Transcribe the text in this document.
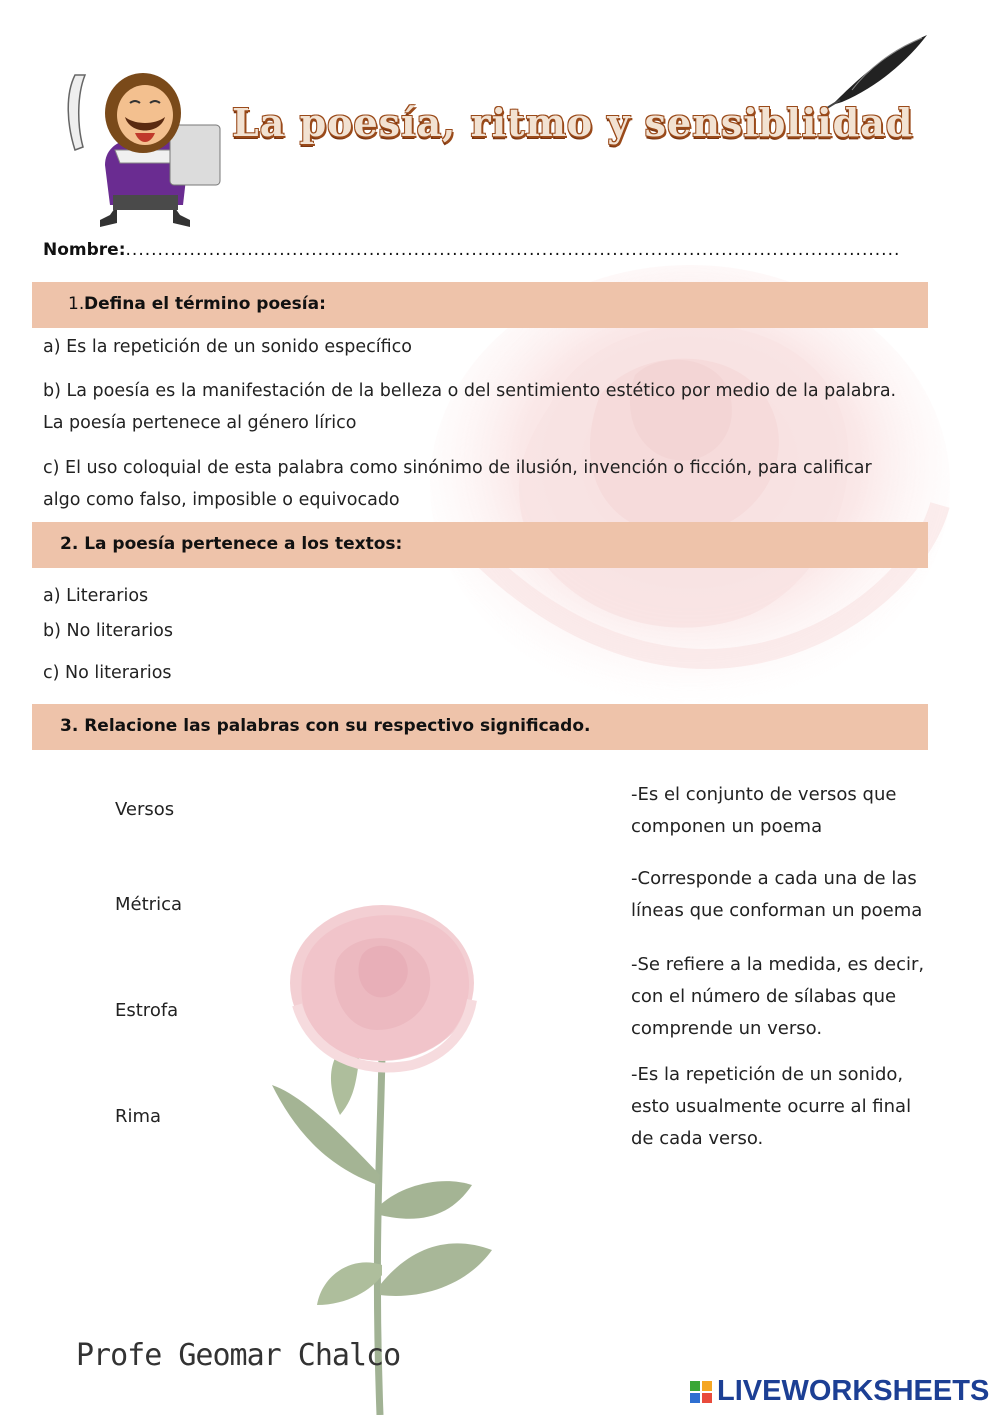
La poesía, ritmo y sensibliidad
Nombre:.........................................................................................................................
1. Defina el término poesía:
a) Es la repetición de un sonido específico
b) La poesía es la manifestación de la belleza o del sentimiento estético por medio de la palabra. La poesía pertenece al género lírico
c) El uso coloquial de esta palabra como sinónimo de ilusión, invención o ficción, para calificar algo como falso, imposible o equivocado
2. La poesía pertenece a los textos:
a) Literarios
b) No literarios
c) No literarios
3. Relacione las palabras con su respectivo significado.
Versos
Métrica
Estrofa
Rima
-Es el conjunto de versos que componen un poema
-Corresponde a cada una de las líneas que conforman un poema
-Se refiere a la medida, es decir, con el número de sílabas que comprende un verso.
-Es la repetición de un sonido, esto usualmente ocurre al final de cada verso.
Profe Geomar Chalco
LIVEWORKSHEETS
